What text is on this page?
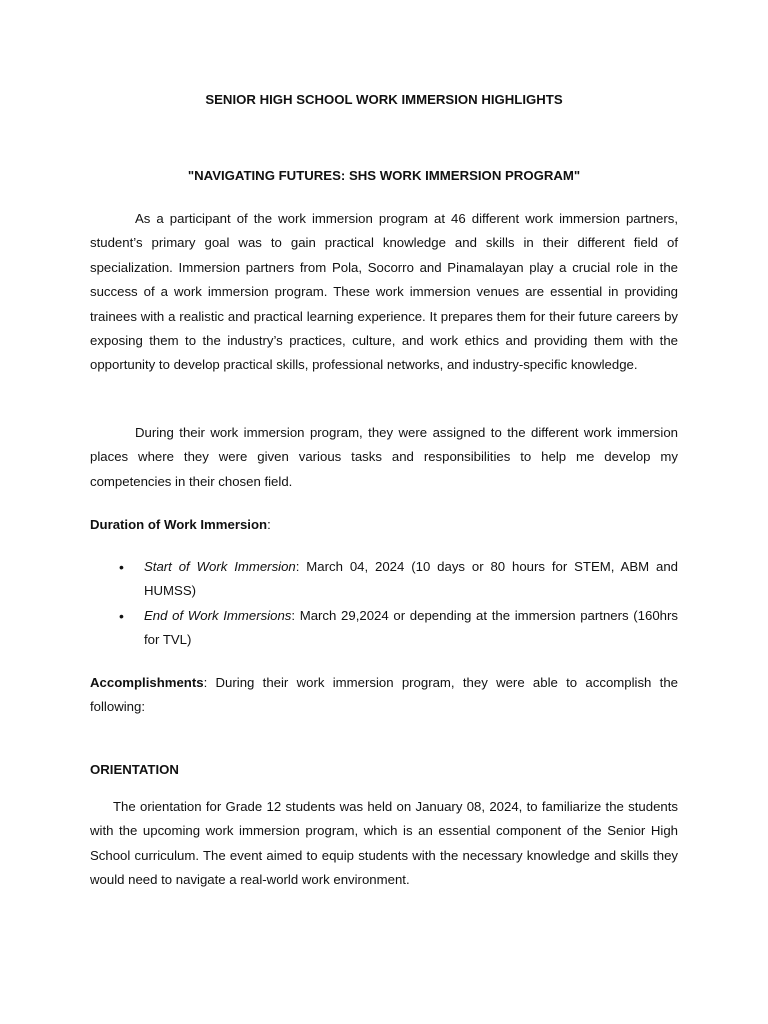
SENIOR HIGH SCHOOL WORK IMMERSION HIGHLIGHTS
"NAVIGATING FUTURES: SHS WORK IMMERSION PROGRAM"

As a participant of the work immersion program at 46 different work immersion partners, student’s primary goal was to gain practical knowledge and skills in their different field of specialization. Immersion partners from Pola, Socorro and Pinamalayan play a crucial role in the success of a work immersion program. These work immersion venues are essential in providing trainees with a realistic and practical learning experience. It prepares them for their future careers by exposing them to the industry’s practices, culture, and work ethics and providing them with the opportunity to develop practical skills, professional networks, and industry-specific knowledge.

During their work immersion program, they were assigned to the different work immersion places where they were given various tasks and responsibilities to help me develop my competencies in their chosen field.

Duration of Work Immersion:

• Start of Work Immersion: March 04, 2024 (10 days or 80 hours for STEM, ABM and HUMSS)
• End of Work Immersions: March 29,2024 or depending at the immersion partners (160hrs for TVL)

Accomplishments: During their work immersion program, they were able to accomplish the following:

ORIENTATION

The orientation for Grade 12 students was held on January 08, 2024, to familiarize the students with the upcoming work immersion program, which is an essential component of the Senior High School curriculum. The event aimed to equip students with the necessary knowledge and skills they would need to navigate a real-world work environment.
